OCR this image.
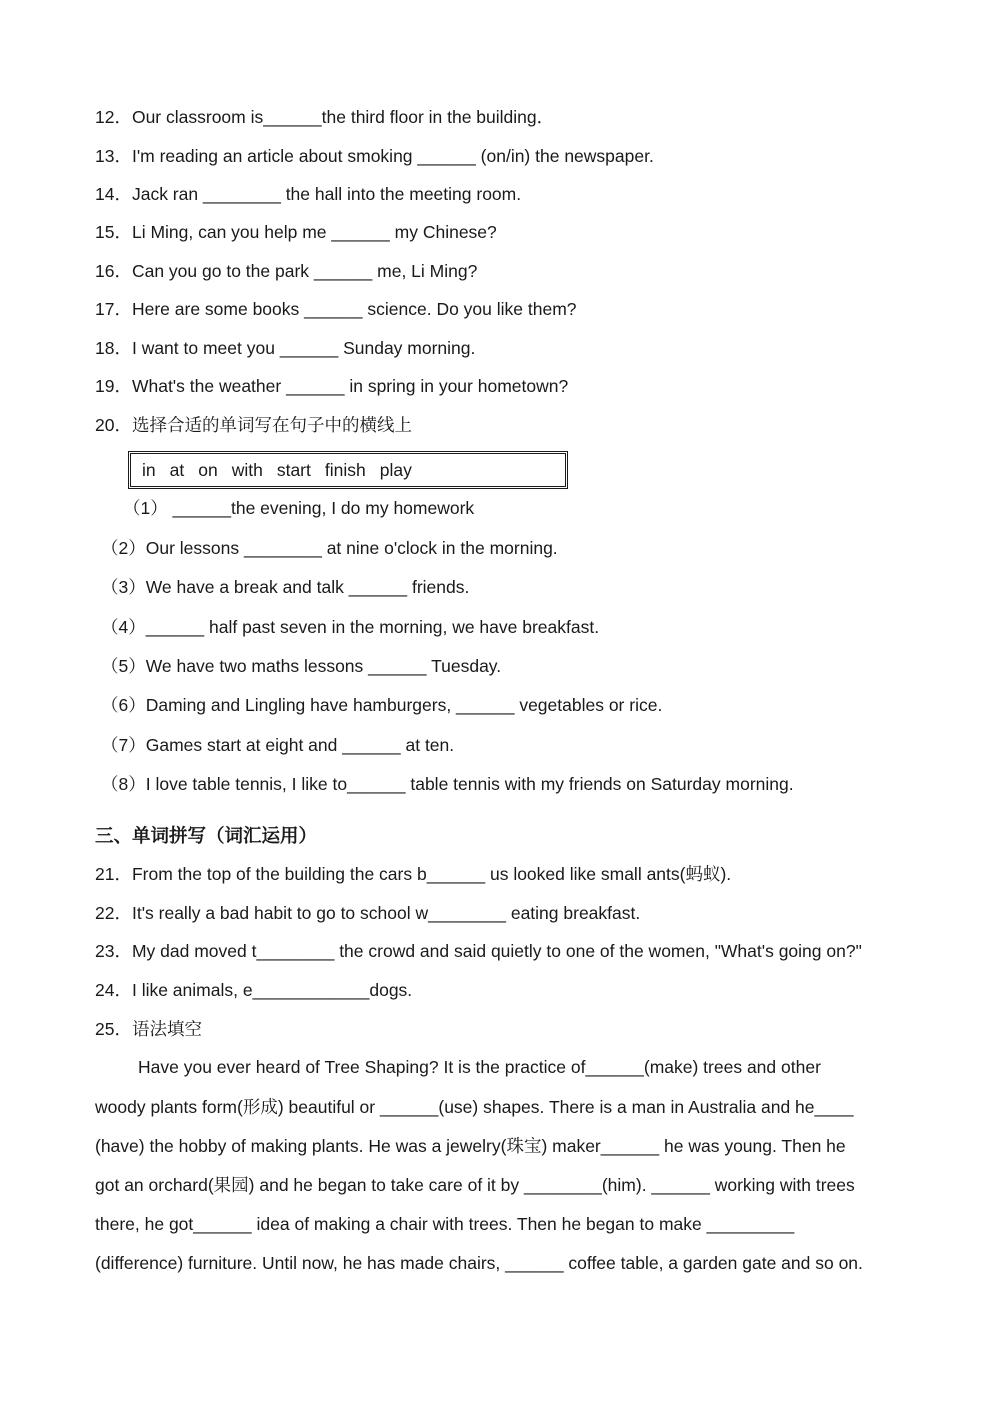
12．Our classroom is______the third floor in the building．
13．I'm reading an article about smoking ______ (on/in) the newspaper.
14．Jack ran ________ the hall into the meeting room.
15．Li Ming, can you help me ______ my Chinese?
16．Can you go to the park ______ me, Li Ming?
17．Here are some books ______ science. Do you like them?
18．I want to meet you ______ Sunday morning.
19．What's the weather ______ in spring in your hometown?
20．选择合适的单词写在句子中的横线上
in at on with start finish play
（1） ______the evening, I do my homework
（2）Our lessons ________ at nine o'clock in the morning.
（3）We have a break and talk ______ friends.
（4）______ half past seven in the morning, we have breakfast.
（5）We have two maths lessons ______ Tuesday.
（6）Daming and Lingling have hamburgers, ______ vegetables or rice.
（7）Games start at eight and ______ at ten.
（8）I love table tennis, I like to______ table tennis with my friends on Saturday morning.
三、单词拼写（词汇运用）
21．From the top of the building the cars b______ us looked like small ants(蚂蚁).
22．It's really a bad habit to go to school w________ eating breakfast.
23．My dad moved t________ the crowd and said quietly to one of the women, "What's going on?"
24．I like animals, e____________dogs.
25．语法填空
Have you ever heard of Tree Shaping? It is the practice of______(make) trees and other
woody plants form(形成) beautiful or ______(use) shapes. There is a man in Australia and he____
(have) the hobby of making plants. He was a jewelry(珠宝) maker______ he was young. Then he
got an orchard(果园) and he began to take care of it by ________(him). ______ working with trees
there, he got______ idea of making a chair with trees. Then he began to make _________
(difference) furniture. Until now, he has made chairs, ______ coffee table, a garden gate and so on.
